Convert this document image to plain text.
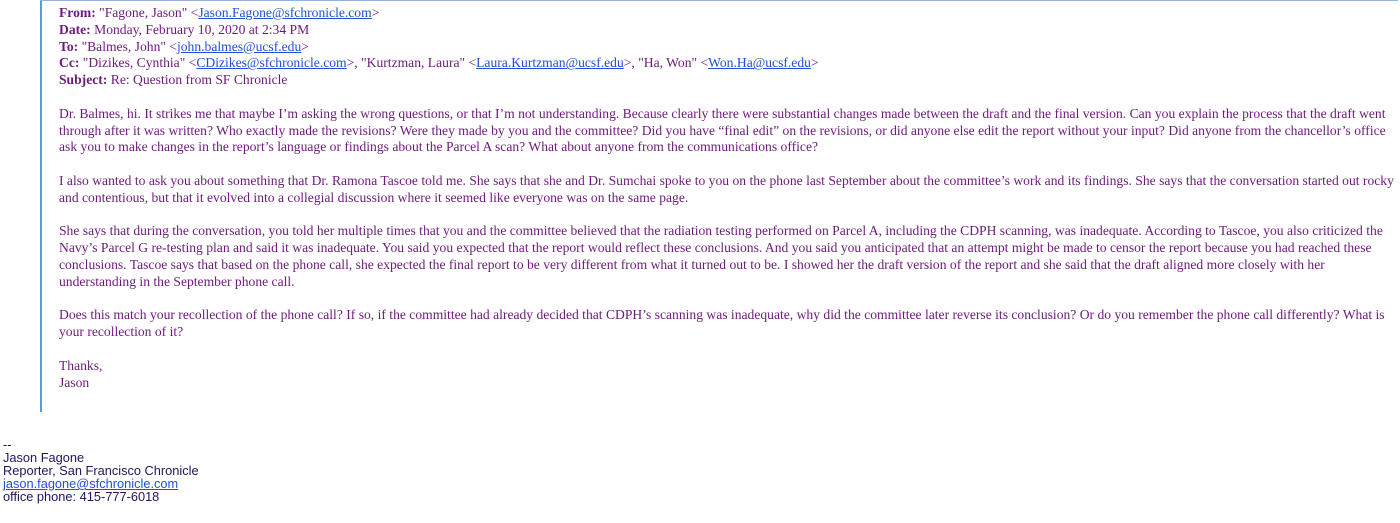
From: "Fagone, Jason" <Jason.Fagone@sfchronicle.com>
Date: Monday, February 10, 2020 at 2:34 PM
To: "Balmes, John" <john.balmes@ucsf.edu>
Cc: "Dizikes, Cynthia" <CDizikes@sfchronicle.com>, "Kurtzman, Laura" <Laura.Kurtzman@ucsf.edu>, "Ha, Won" <Won.Ha@ucsf.edu>
Subject: Re: Question from SF Chronicle

Dr. Balmes, hi. It strikes me that maybe I’m asking the wrong questions, or that I’m not understanding. Because clearly there were substantial changes made between the draft and the final version. Can you explain the process that the draft went through after it was written? Who exactly made the revisions? Were they made by you and the committee? Did you have “final edit” on the revisions, or did anyone else edit the report without your input? Did anyone from the chancellor’s office ask you to make changes in the report’s language or findings about the Parcel A scan? What about anyone from the communications office?

I also wanted to ask you about something that Dr. Ramona Tascoe told me. She says that she and Dr. Sumchai spoke to you on the phone last September about the committee’s work and its findings. She says that the conversation started out rocky and contentious, but that it evolved into a collegial discussion where it seemed like everyone was on the same page.

She says that during the conversation, you told her multiple times that you and the committee believed that the radiation testing performed on Parcel A, including the CDPH scanning, was inadequate. According to Tascoe, you also criticized the Navy’s Parcel G re-testing plan and said it was inadequate. You said you expected that the report would reflect these conclusions. And you said you anticipated that an attempt might be made to censor the report because you had reached these conclusions. Tascoe says that based on the phone call, she expected the final report to be very different from what it turned out to be. I showed her the draft version of the report and she said that the draft aligned more closely with her understanding in the September phone call.

Does this match your recollection of the phone call? If so, if the committee had already decided that CDPH’s scanning was inadequate, why did the committee later reverse its conclusion? Or do you remember the phone call differently? What is your recollection of it?

Thanks,
Jason
--
Jason Fagone
Reporter, San Francisco Chronicle
jason.fagone@sfchronicle.com
office phone: 415-777-6018
